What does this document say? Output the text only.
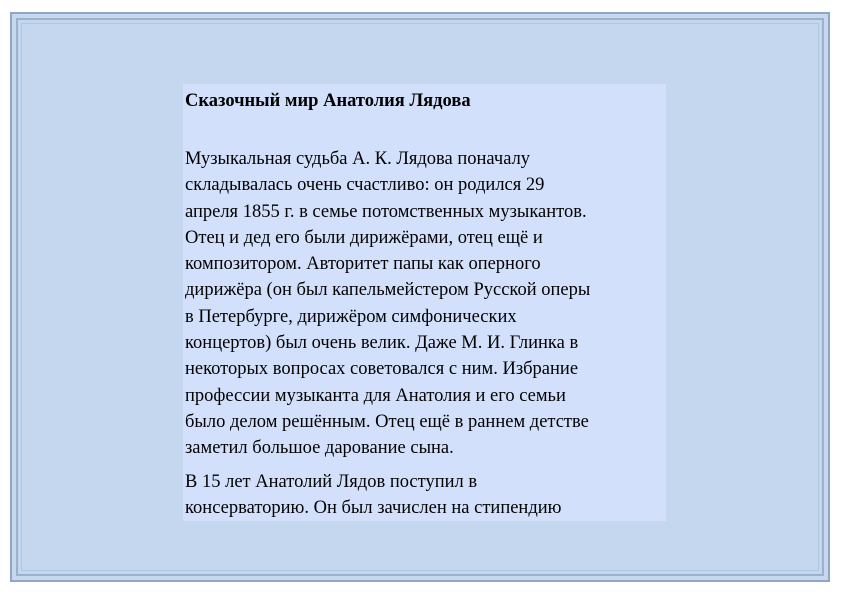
Сказочный мир Анатолия Лядова
Музыкальная судьба А. К. Лядова поначалу
складывалась очень счастливо: он родился 29
апреля 1855 г. в семье потомственных музыкантов.
Отец и дед его были дирижёрами, отец ещё и
композитором. Авторитет папы как оперного
дирижёра (он был капельмейстером Русской оперы
в Петербурге, дирижёром симфонических
концертов) был очень велик. Даже М. И. Глинка в
некоторых вопросах советовался с ним. Избрание
профессии музыканта для Анатолия и его семьи
было делом решённым. Отец ещё в раннем детстве
заметил большое дарование сына.
В 15 лет Анатолий Лядов поступил в
консерваторию. Он был зачислен на стипендию
